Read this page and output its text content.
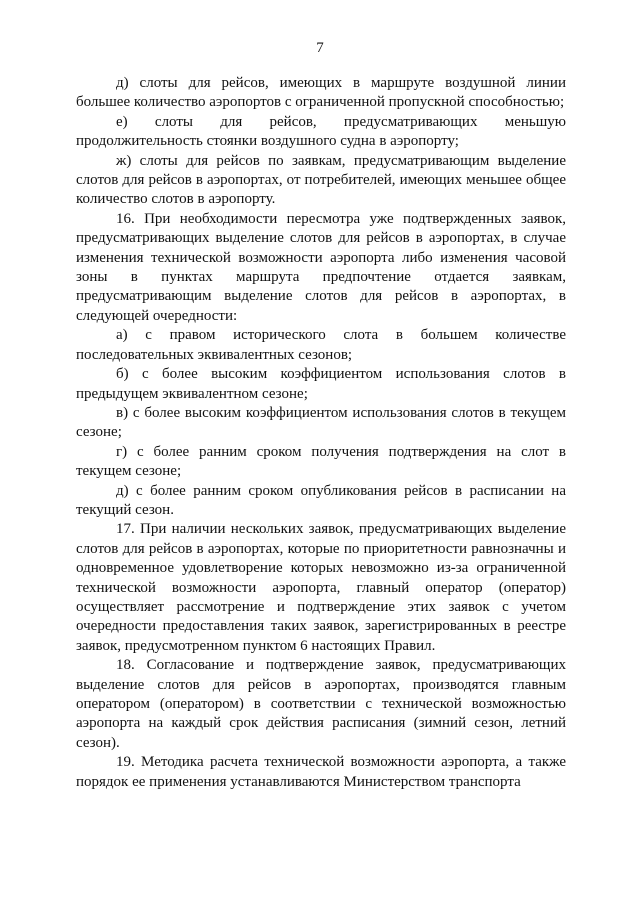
7

д) слоты для рейсов, имеющих в маршруте воздушной линии большее количество аэропортов с ограниченной пропускной способностью;

е) слоты для рейсов, предусматривающих меньшую продолжительность стоянки воздушного судна в аэропорту;

ж) слоты для рейсов по заявкам, предусматривающим выделение слотов для рейсов в аэропортах, от потребителей, имеющих меньшее общее количество слотов в аэропорту.

16. При необходимости пересмотра уже подтвержденных заявок, предусматривающих выделение слотов для рейсов в аэропортах, в случае изменения технической возможности аэропорта либо изменения часовой зоны в пунктах маршрута предпочтение отдается заявкам, предусматривающим выделение слотов для рейсов в аэропортах, в следующей очередности:

а) с правом исторического слота в большем количестве последовательных эквивалентных сезонов;

б) с более высоким коэффициентом использования слотов в предыдущем эквивалентном сезоне;

в) с более высоким коэффициентом использования слотов в текущем сезоне;

г) с более ранним сроком получения подтверждения на слот в текущем сезоне;

д) с более ранним сроком опубликования рейсов в расписании на текущий сезон.

17. При наличии нескольких заявок, предусматривающих выделение слотов для рейсов в аэропортах, которые по приоритетности равнозначны и одновременное удовлетворение которых невозможно из-за ограниченной технической возможности аэропорта, главный оператор (оператор) осуществляет рассмотрение и подтверждение этих заявок с учетом очередности предоставления таких заявок, зарегистрированных в реестре заявок, предусмотренном пунктом 6 настоящих Правил.

18. Согласование и подтверждение заявок, предусматривающих выделение слотов для рейсов в аэропортах, производятся главным оператором (оператором) в соответствии с технической возможностью аэропорта на каждый срок действия расписания (зимний сезон, летний сезон).

19. Методика расчета технической возможности аэропорта, а также порядок ее применения устанавливаются Министерством транспорта
